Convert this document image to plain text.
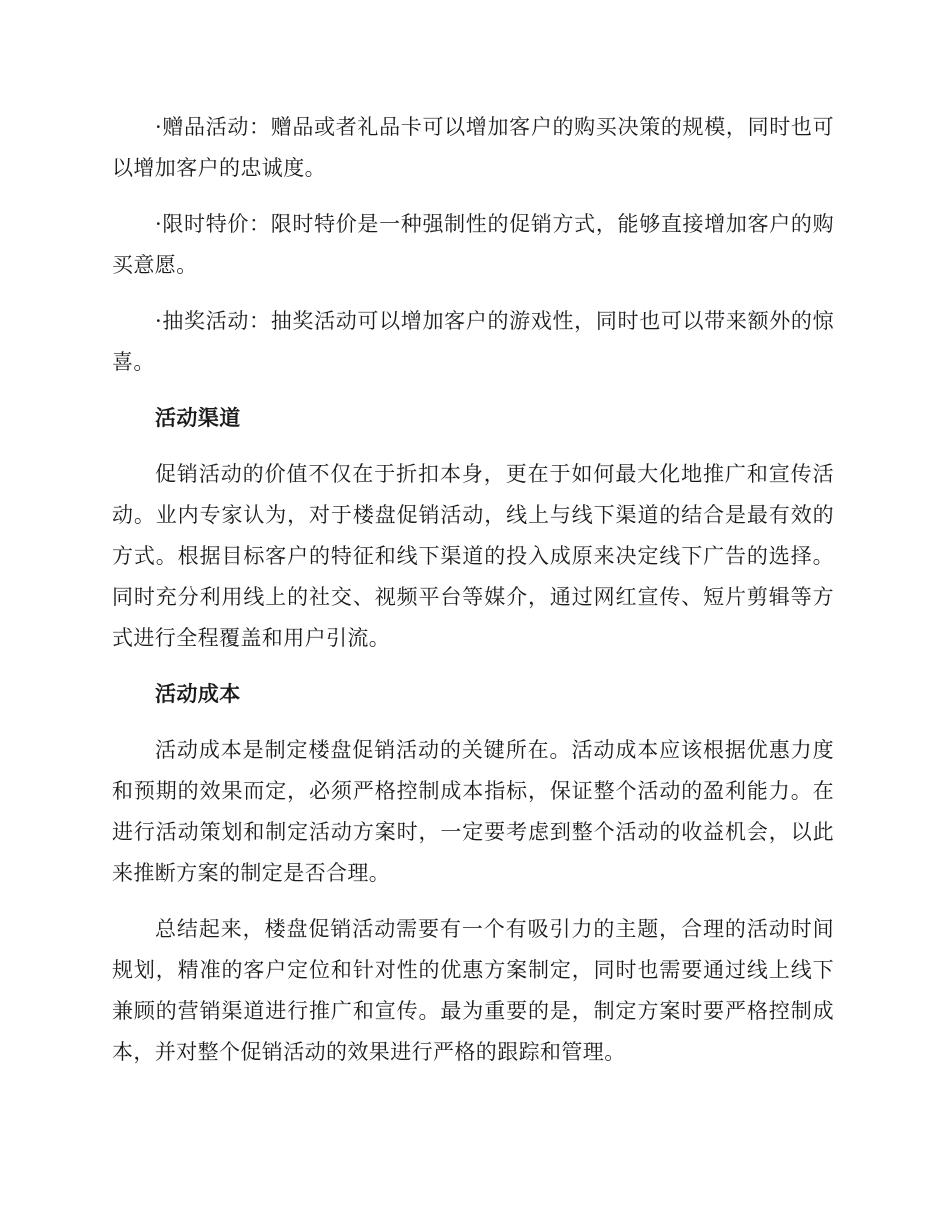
·赠品活动：赠品或者礼品卡可以增加客户的购买决策的规模，同时也可以增加客户的忠诚度。

·限时特价：限时特价是一种强制性的促销方式，能够直接增加客户的购买意愿。

·抽奖活动：抽奖活动可以增加客户的游戏性，同时也可以带来额外的惊喜。

活动渠道

促销活动的价值不仅在于折扣本身，更在于如何最大化地推广和宣传活动。业内专家认为，对于楼盘促销活动，线上与线下渠道的结合是最有效的方式。根据目标客户的特征和线下渠道的投入成原来决定线下广告的选择。同时充分利用线上的社交、视频平台等媒介，通过网红宣传、短片剪辑等方式进行全程覆盖和用户引流。

活动成本

活动成本是制定楼盘促销活动的关键所在。活动成本应该根据优惠力度和预期的效果而定，必须严格控制成本指标，保证整个活动的盈利能力。在进行活动策划和制定活动方案时，一定要考虑到整个活动的收益机会，以此来推断方案的制定是否合理。

总结起来，楼盘促销活动需要有一个有吸引力的主题，合理的活动时间规划，精准的客户定位和针对性的优惠方案制定，同时也需要通过线上线下兼顾的营销渠道进行推广和宣传。最为重要的是，制定方案时要严格控制成本，并对整个促销活动的效果进行严格的跟踪和管理。
